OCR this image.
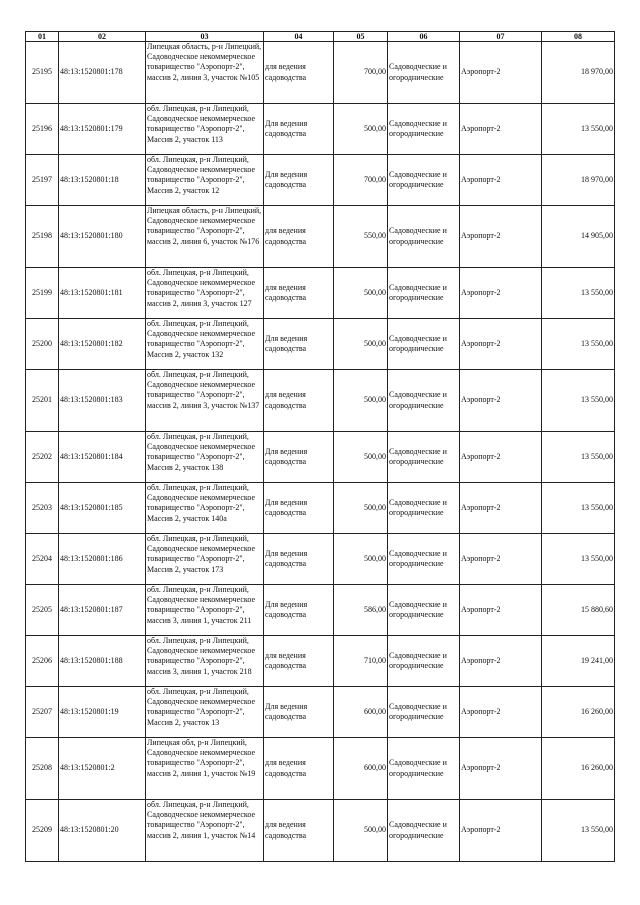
01	02	03	04	05	06	07	08
25195	48:13:1520801:178	Липецкая область, р-н Липецкий, Садоводческое некоммерческое товарищество "Аэропорт-2", массив 2, линия 3, участок №105	для ведения садоводства	700,00	Садоводческие и огороднические	Аэропорт-2	18 970,00
25196	48:13:1520801:179	обл. Липецкая, р-н Липецкий, Садоводческое некоммерческое товарищество "Аэропорт-2", Массив 2, участок 113	Для ведения садоводства	500,00	Садоводческие и огороднические	Аэропорт-2	13 550,00
25197	48:13:1520801:18	обл. Липецкая, р-н Липецкий, Садоводческое некоммерческое товарищество "Аэропорт-2", Массив 2, участок 12	Для ведения садоводства	700,00	Садоводческие и огороднические	Аэропорт-2	18 970,00
25198	48:13:1520801:180	Липецкая область, р-н Липецкий, Садоводческое некоммерческое товарищество "Аэропорт-2", массив 2, линия 6, участок №176	для ведения садоводства	550,00	Садоводческие и огороднические	Аэропорт-2	14 905,00
25199	48:13:1520801:181	обл. Липецкая, р-н Липецкий, Садоводческое некоммерческое товарищество "Аэропорт-2", массив 2, линия 3, участок 127	для ведения садоводства	500,00	Садоводческие и огороднические	Аэропорт-2	13 550,00
25200	48:13:1520801:182	обл. Липецкая, р-н Липецкий, Садоводческое некоммерческое товарищество "Аэропорт-2", Массив 2, участок 132	Для ведения садоводства	500,00	Садоводческие и огороднические	Аэропорт-2	13 550,00
25201	48:13:1520801:183	обл. Липецкая, р-н Липецкий, Садоводческое некоммерческое товарищество "Аэропорт-2", массив 2, линия 3, участок №137	для ведения садоводства	500,00	Садоводческие и огороднические	Аэропорт-2	13 550,00
25202	48:13:1520801:184	обл. Липецкая, р-н Липецкий, Садоводческое некоммерческое товарищество "Аэропорт-2", Массив 2, участок 138	Для ведения садоводства	500,00	Садоводческие и огороднические	Аэропорт-2	13 550,00
25203	48:13:1520801:185	обл. Липецкая, р-н Липецкий, Садоводческое некоммерческое товарищество "Аэропорт-2", Массив 2, участок 140а	Для ведения садоводства	500,00	Садоводческие и огороднические	Аэропорт-2	13 550,00
25204	48:13:1520801:186	обл. Липецкая, р-н Липецкий, Садоводческое некоммерческое товарищество "Аэропорт-2", Массив 2, участок 173	Для ведения садоводства	500,00	Садоводческие и огороднические	Аэропорт-2	13 550,00
25205	48:13:1520801:187	обл. Липецкая, р-н Липецкий, Садоводческое некоммерческое товарищество "Аэропорт-2", массив 3, линия 1, участок 211	Для ведения садоводства	586,00	Садоводческие и огороднические	Аэропорт-2	15 880,60
25206	48:13:1520801:188	обл. Липецкая, р-н Липецкий, Садоводческое некоммерческое товарищество "Аэропорт-2", массив 3, линия 1, участок 218	для ведения садоводства	710,00	Садоводческие и огороднические	Аэропорт-2	19 241,00
25207	48:13:1520801:19	обл. Липецкая, р-н Липецкий, Садоводческое некоммерческое товарищество "Аэропорт-2", Массив 2, участок 13	Для ведения садоводства	600,00	Садоводческие и огороднические	Аэропорт-2	16 260,00
25208	48:13:1520801:2	Липецкая обл, р-н Липецкий, Садоводческое некоммерческое товарищество "Аэропорт-2", массив 2, линия 1, участок №19	для ведения садоводства	600,00	Садоводческие и огороднические	Аэропорт-2	16 260,00
25209	48:13:1520801:20	обл. Липецкая, р-н Липецкий, Садоводческое некоммерческое товарищество "Аэропорт-2", массив 2, линия 1, участок №14	для ведения садоводства	500,00	Садоводческие и огороднические	Аэропорт-2	13 550,00
